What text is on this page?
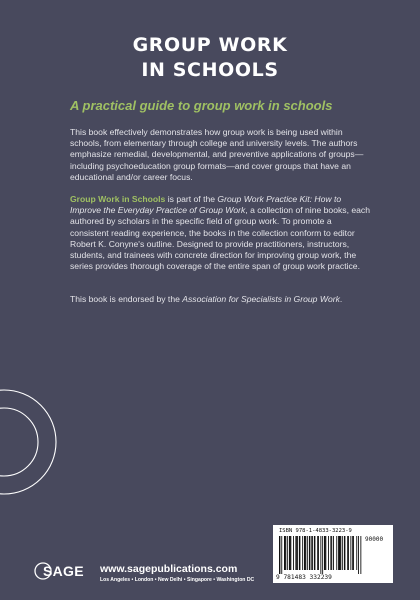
GROUP WORK
IN SCHOOLS
A practical guide to group work in schools

This book effectively demonstrates how group work is being used within schools, from elementary through college and university levels. The authors emphasize remedial, developmental, and preventive applications of groups—including psychoeducation group formats—and cover groups that have an educational and/or career focus.

Group Work in Schools is part of the Group Work Practice Kit: How to Improve the Everyday Practice of Group Work, a collection of nine books, each authored by scholars in the specific field of group work. To promote a consistent reading experience, the books in the collection conform to editor Robert K. Conyne's outline. Designed to provide practitioners, instructors, students, and trainees with concrete direction for improving group work, the series provides thorough coverage of the entire span of group work practice.

This book is endorsed by the Association for Specialists in Group Work.

SAGE www.sagepublications.com
Los Angeles • London • New Delhi • Singapore • Washington DC
ISBN 978-1-4833-3223-9
9 781483 332239
90000
